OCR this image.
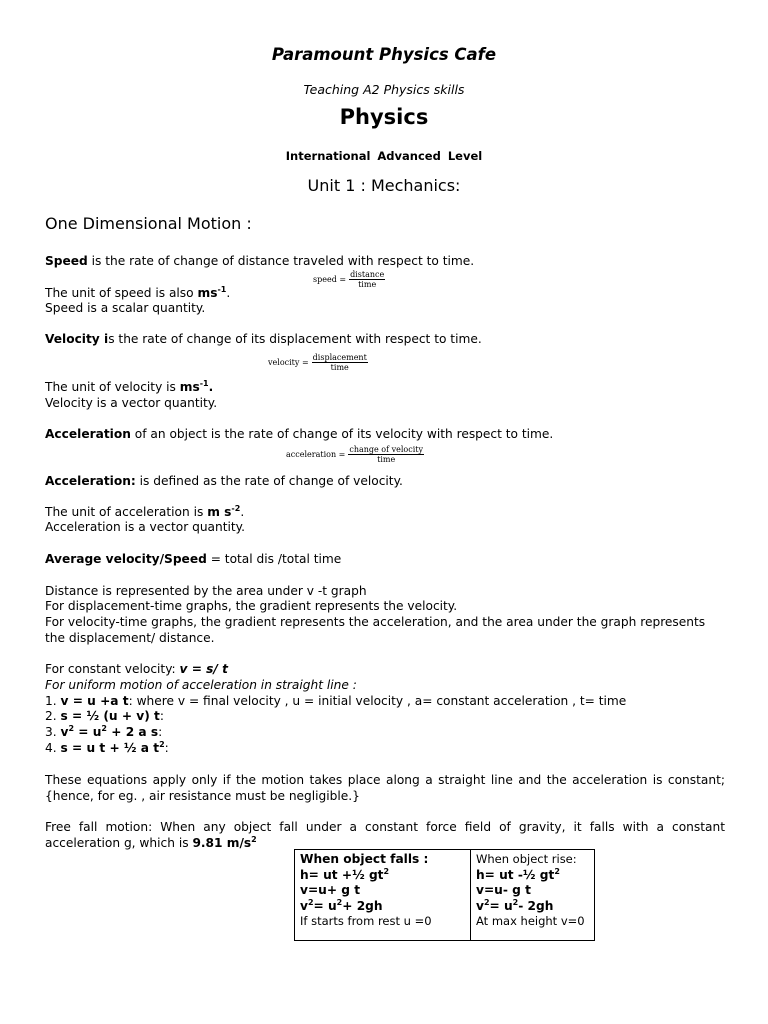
Paramount Physics Cafe
Teaching A2 Physics skills
Physics
International Advanced Level
Unit 1 : Mechanics:
One Dimensional Motion :
Speed is the rate of change of distance traveled with respect to time.
speed = $\frac{\text{distance}}{\text{time}}$
The unit of speed is also $ms^{-1}$.
Speed is a scalar quantity.
Velocity is the rate of change of its displacement with respect to time.
velocity = $\frac{\text{displacement}}{\text{time}}$
The unit of velocity is $ms^{-1}$.
Velocity is a vector quantity.
Acceleration of an object is the rate of change of its velocity with respect to time.
acceleration = $\frac{\text{change of velocity}}{\text{time}}$
Acceleration: is defined as the rate of change of velocity.
The unit of acceleration is m $s^{-2}$.
Acceleration is a vector quantity.
Average velocity/Speed = total dis /total time
Distance is represented by the area under v -t graph
For displacement-time graphs, the gradient represents the velocity.
For velocity-time graphs, the gradient represents the acceleration, and the area under the graph represents the displacement/ distance.
For constant velocity: v = s/ t
For uniform motion of acceleration in straight line :
1. v = u +a t: where v = final velocity , u = initial velocity , a= constant acceleration , t= time
2. s = ½ (u + v) t:
3. $v^2 = u^2 + 2$ a s:
4. s = u t + ½ a $t^2$:
These equations apply only if the motion takes place along a straight line and the acceleration is constant; {hence, for eg. , air resistance must be negligible.}
Free fall motion: When any object fall under a constant force field of gravity, it falls with a constant acceleration g, which is 9.81 $m/s^2$
When object falls :
h= ut +½ $gt^2$
v=u+ g t
$v^2= u^2+ 2gh$
If starts from rest u =0

When object rise:
h= ut -½ $gt^2$
v=u- g t
$v^2= u^2-$ 2gh
At max height v=0
